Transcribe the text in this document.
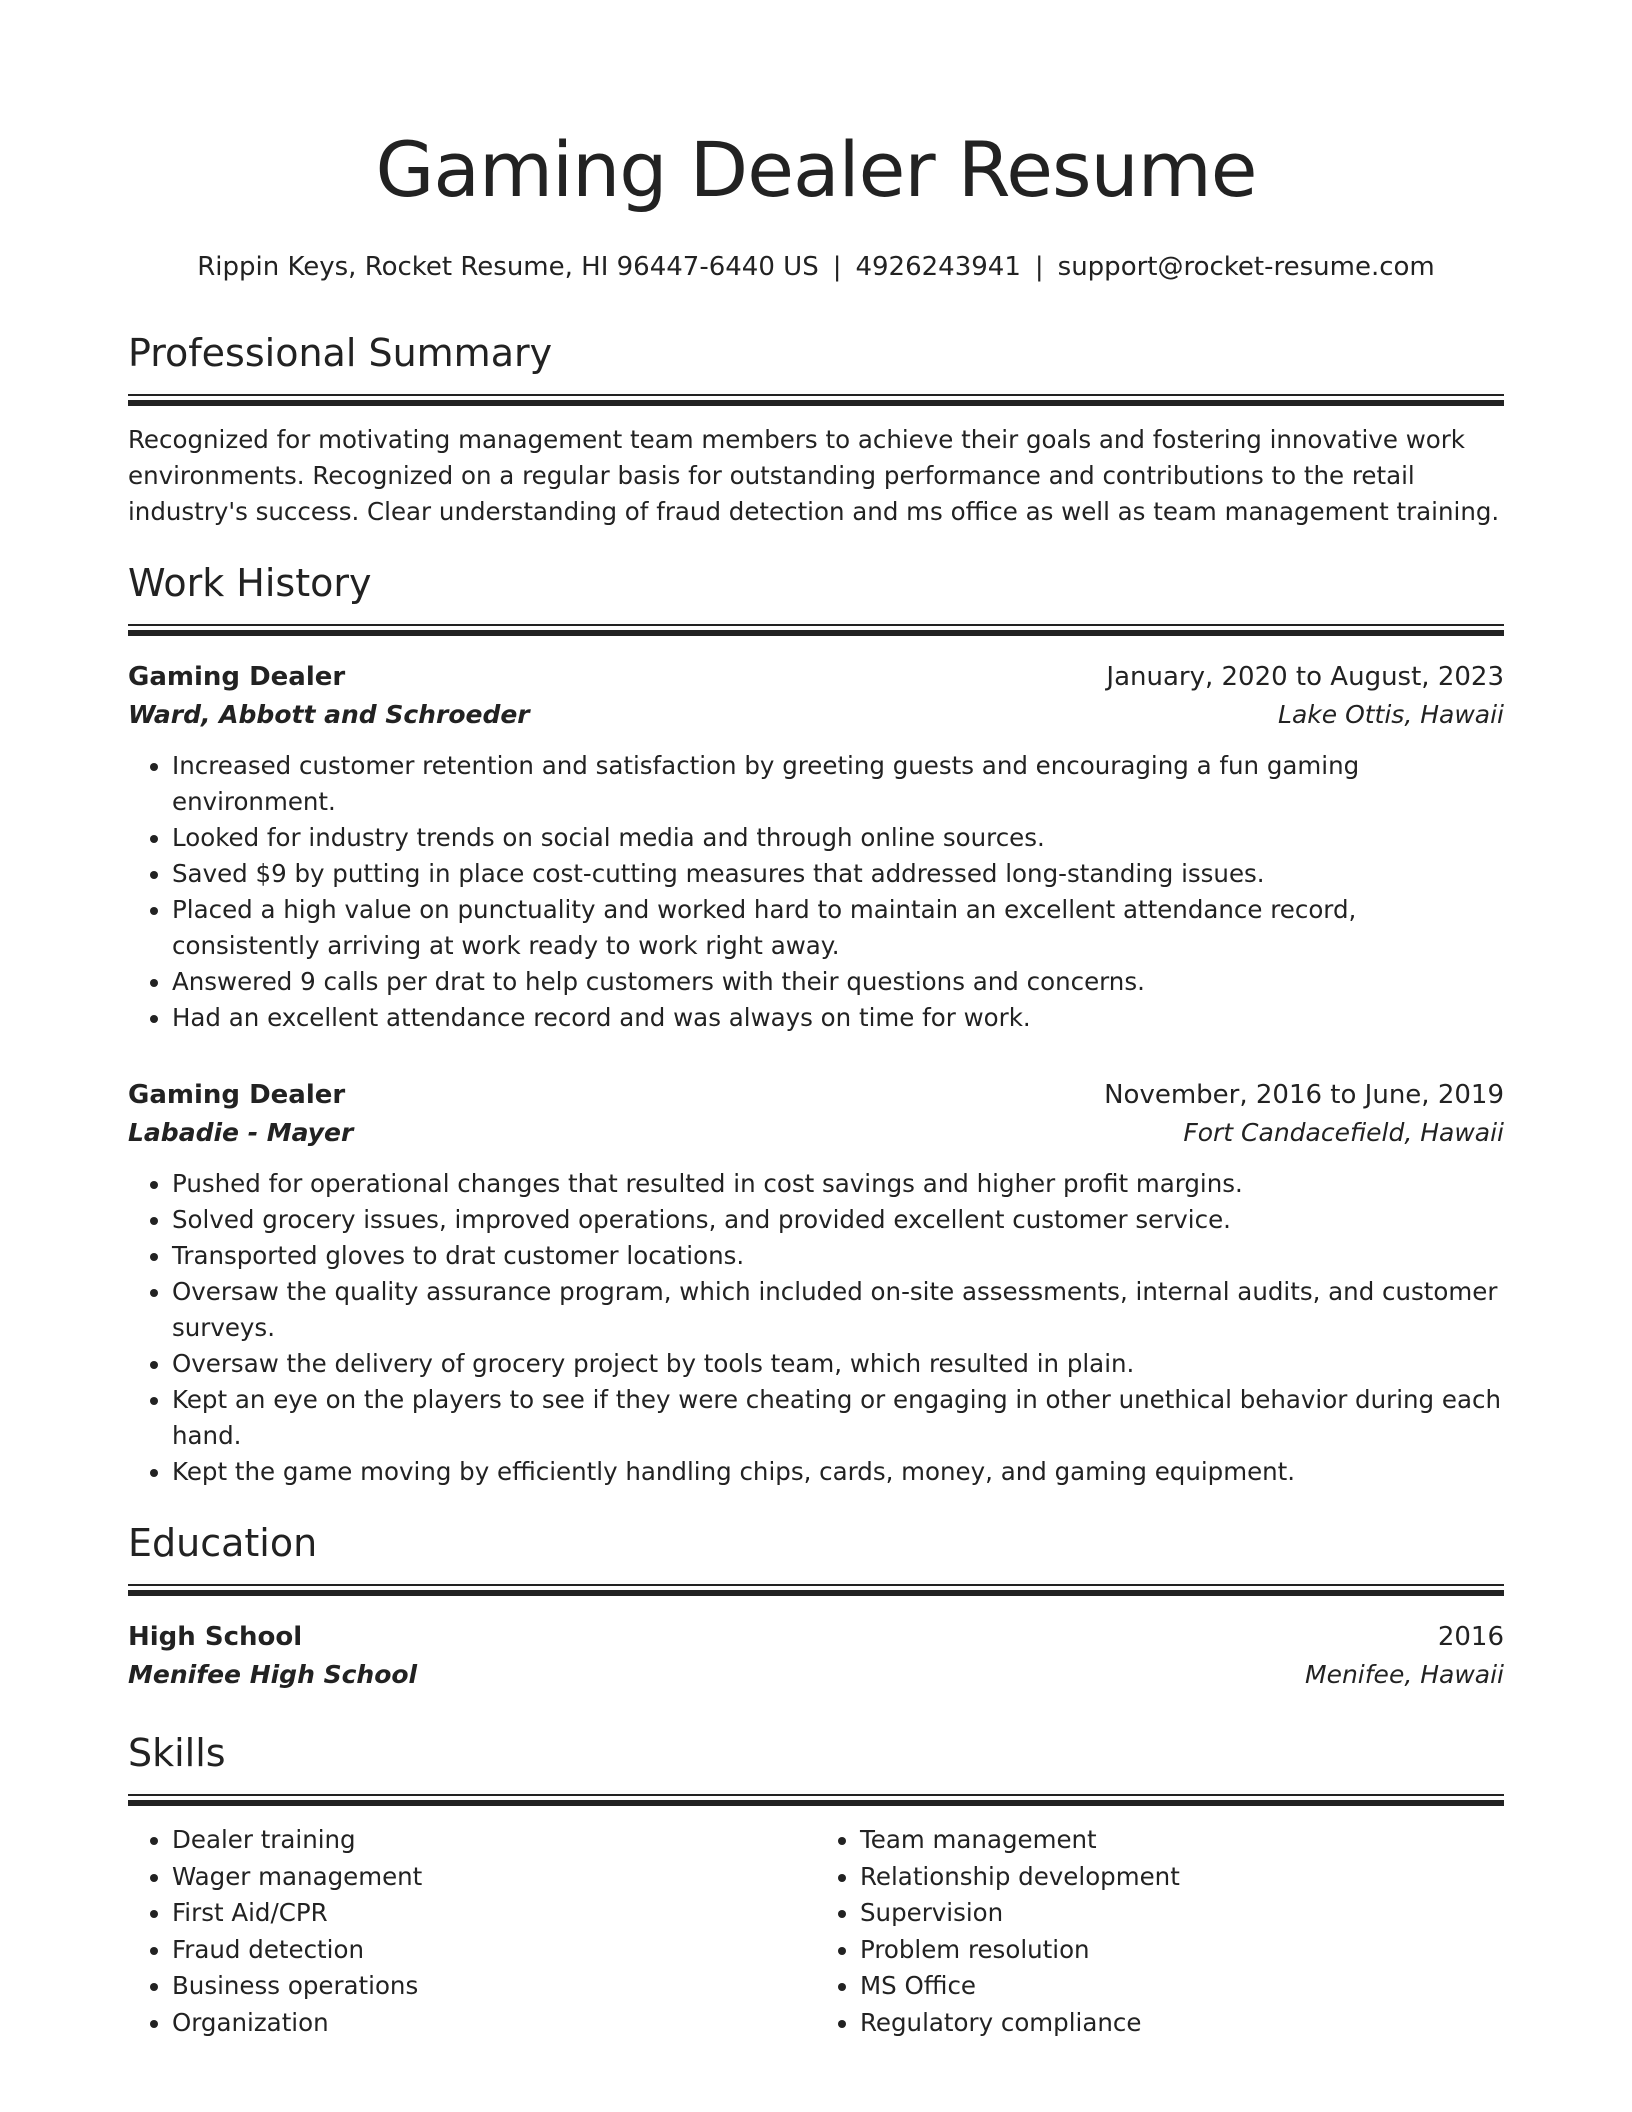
Gaming Dealer Resume
Rippin Keys, Rocket Resume, HI 96447-6440 US | 4926243941 | support@rocket-resume.com
Professional Summary
Recognized for motivating management team members to achieve their goals and fostering innovative work environments. Recognized on a regular basis for outstanding performance and contributions to the retail industry's success. Clear understanding of fraud detection and ms office as well as team management training.
Work History
Gaming Dealer	January, 2020 to August, 2023
Ward, Abbott and Schroeder	Lake Ottis, Hawaii
• Increased customer retention and satisfaction by greeting guests and encouraging a fun gaming environment.
• Looked for industry trends on social media and through online sources.
• Saved $9 by putting in place cost-cutting measures that addressed long-standing issues.
• Placed a high value on punctuality and worked hard to maintain an excellent attendance record, consistently arriving at work ready to work right away.
• Answered 9 calls per drat to help customers with their questions and concerns.
• Had an excellent attendance record and was always on time for work.
Gaming Dealer	November, 2016 to June, 2019
Labadie - Mayer	Fort Candacefield, Hawaii
• Pushed for operational changes that resulted in cost savings and higher profit margins.
• Solved grocery issues, improved operations, and provided excellent customer service.
• Transported gloves to drat customer locations.
• Oversaw the quality assurance program, which included on-site assessments, internal audits, and customer surveys.
• Oversaw the delivery of grocery project by tools team, which resulted in plain.
• Kept an eye on the players to see if they were cheating or engaging in other unethical behavior during each hand.
• Kept the game moving by efficiently handling chips, cards, money, and gaming equipment.
Education
High School	2016
Menifee High School	Menifee, Hawaii
Skills
• Dealer training
• Wager management
• First Aid/CPR
• Fraud detection
• Business operations
• Organization
• Team management
• Relationship development
• Supervision
• Problem resolution
• MS Office
• Regulatory compliance
